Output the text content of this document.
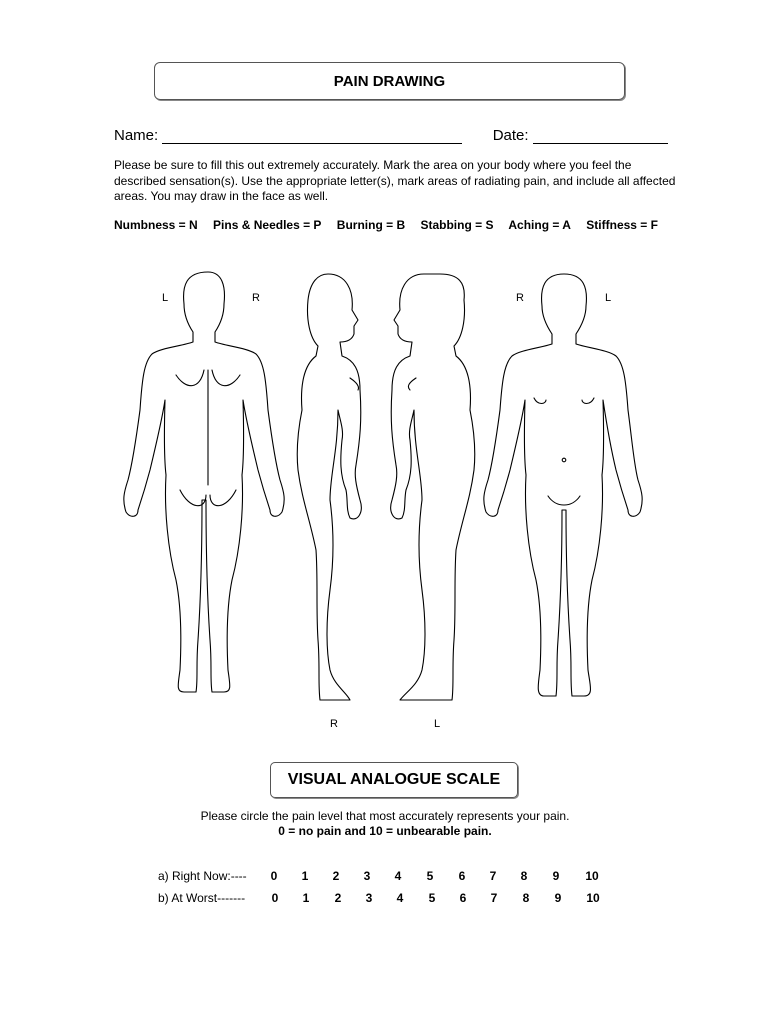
PAIN DRAWING
Name:	Date:
Please be sure to fill this out extremely accurately. Mark the area on your body where you feel the described sensation(s). Use the appropriate letter(s), mark areas of radiating pain, and include all affected areas. You may draw in the face as well.
Numbness = N Pins & Needles = P Burning = B Stabbing = S Aching = A Stiffness = F
L	R
R	L
R	L
VISUAL ANALOGUE SCALE
Please circle the pain level that most accurately represents your pain.
0 = no pain and 10 = unbearable pain.
a) Right Now:----	0	1	2	3	4	5	6	7	8	9	10
b) At Worst-------	0	1	2	3	4	5	6	7	8	9	10
